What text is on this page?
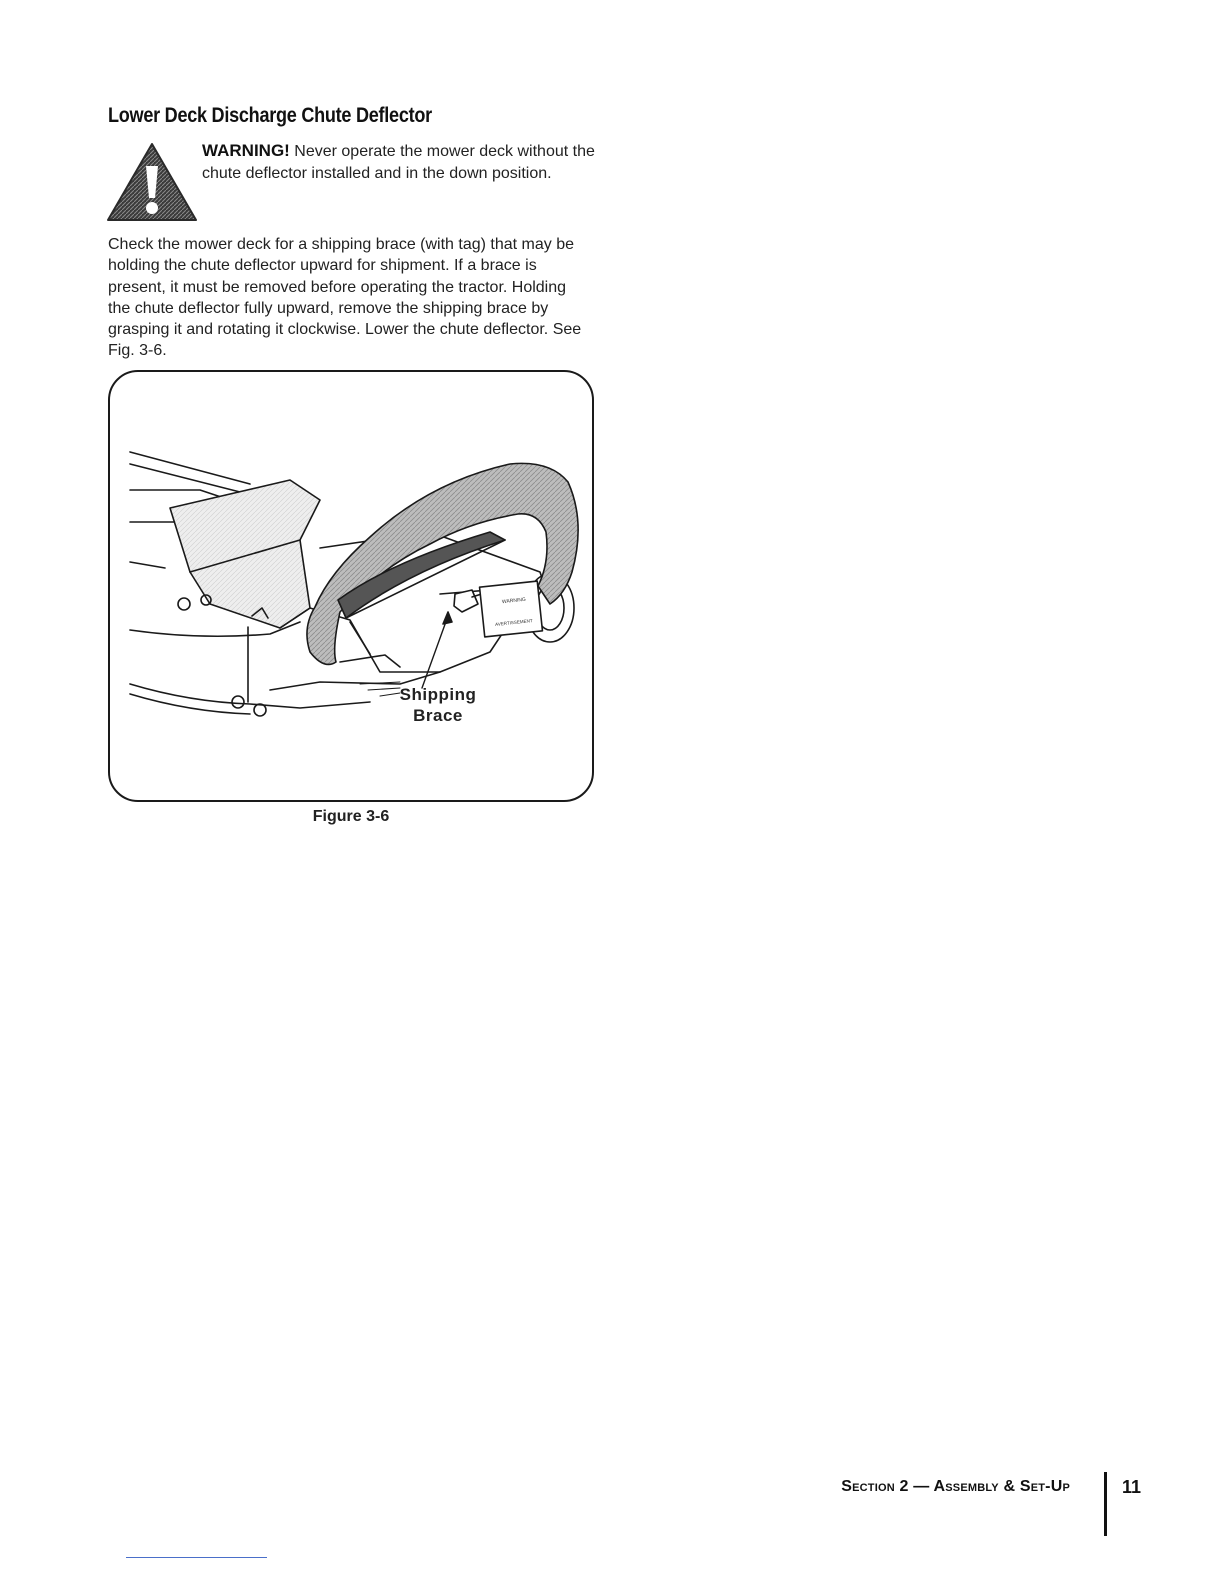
Lower Deck Discharge Chute Deflector
WARNING! Never operate the mower deck without the chute deflector installed and in the down position.

Check the mower deck for a shipping brace (with tag) that may be holding the chute deflector upward for shipment. If a brace is present, it must be removed before operating the tractor. Holding the chute deflector fully upward, remove the shipping brace by grasping it and rotating it clockwise. Lower the chute deflector. See Fig. 3-6.

WARNING
AVERTISSEMENT
Shipping
Brace
Figure 3-6
Section 2 — Assembly & Set-Up	11
